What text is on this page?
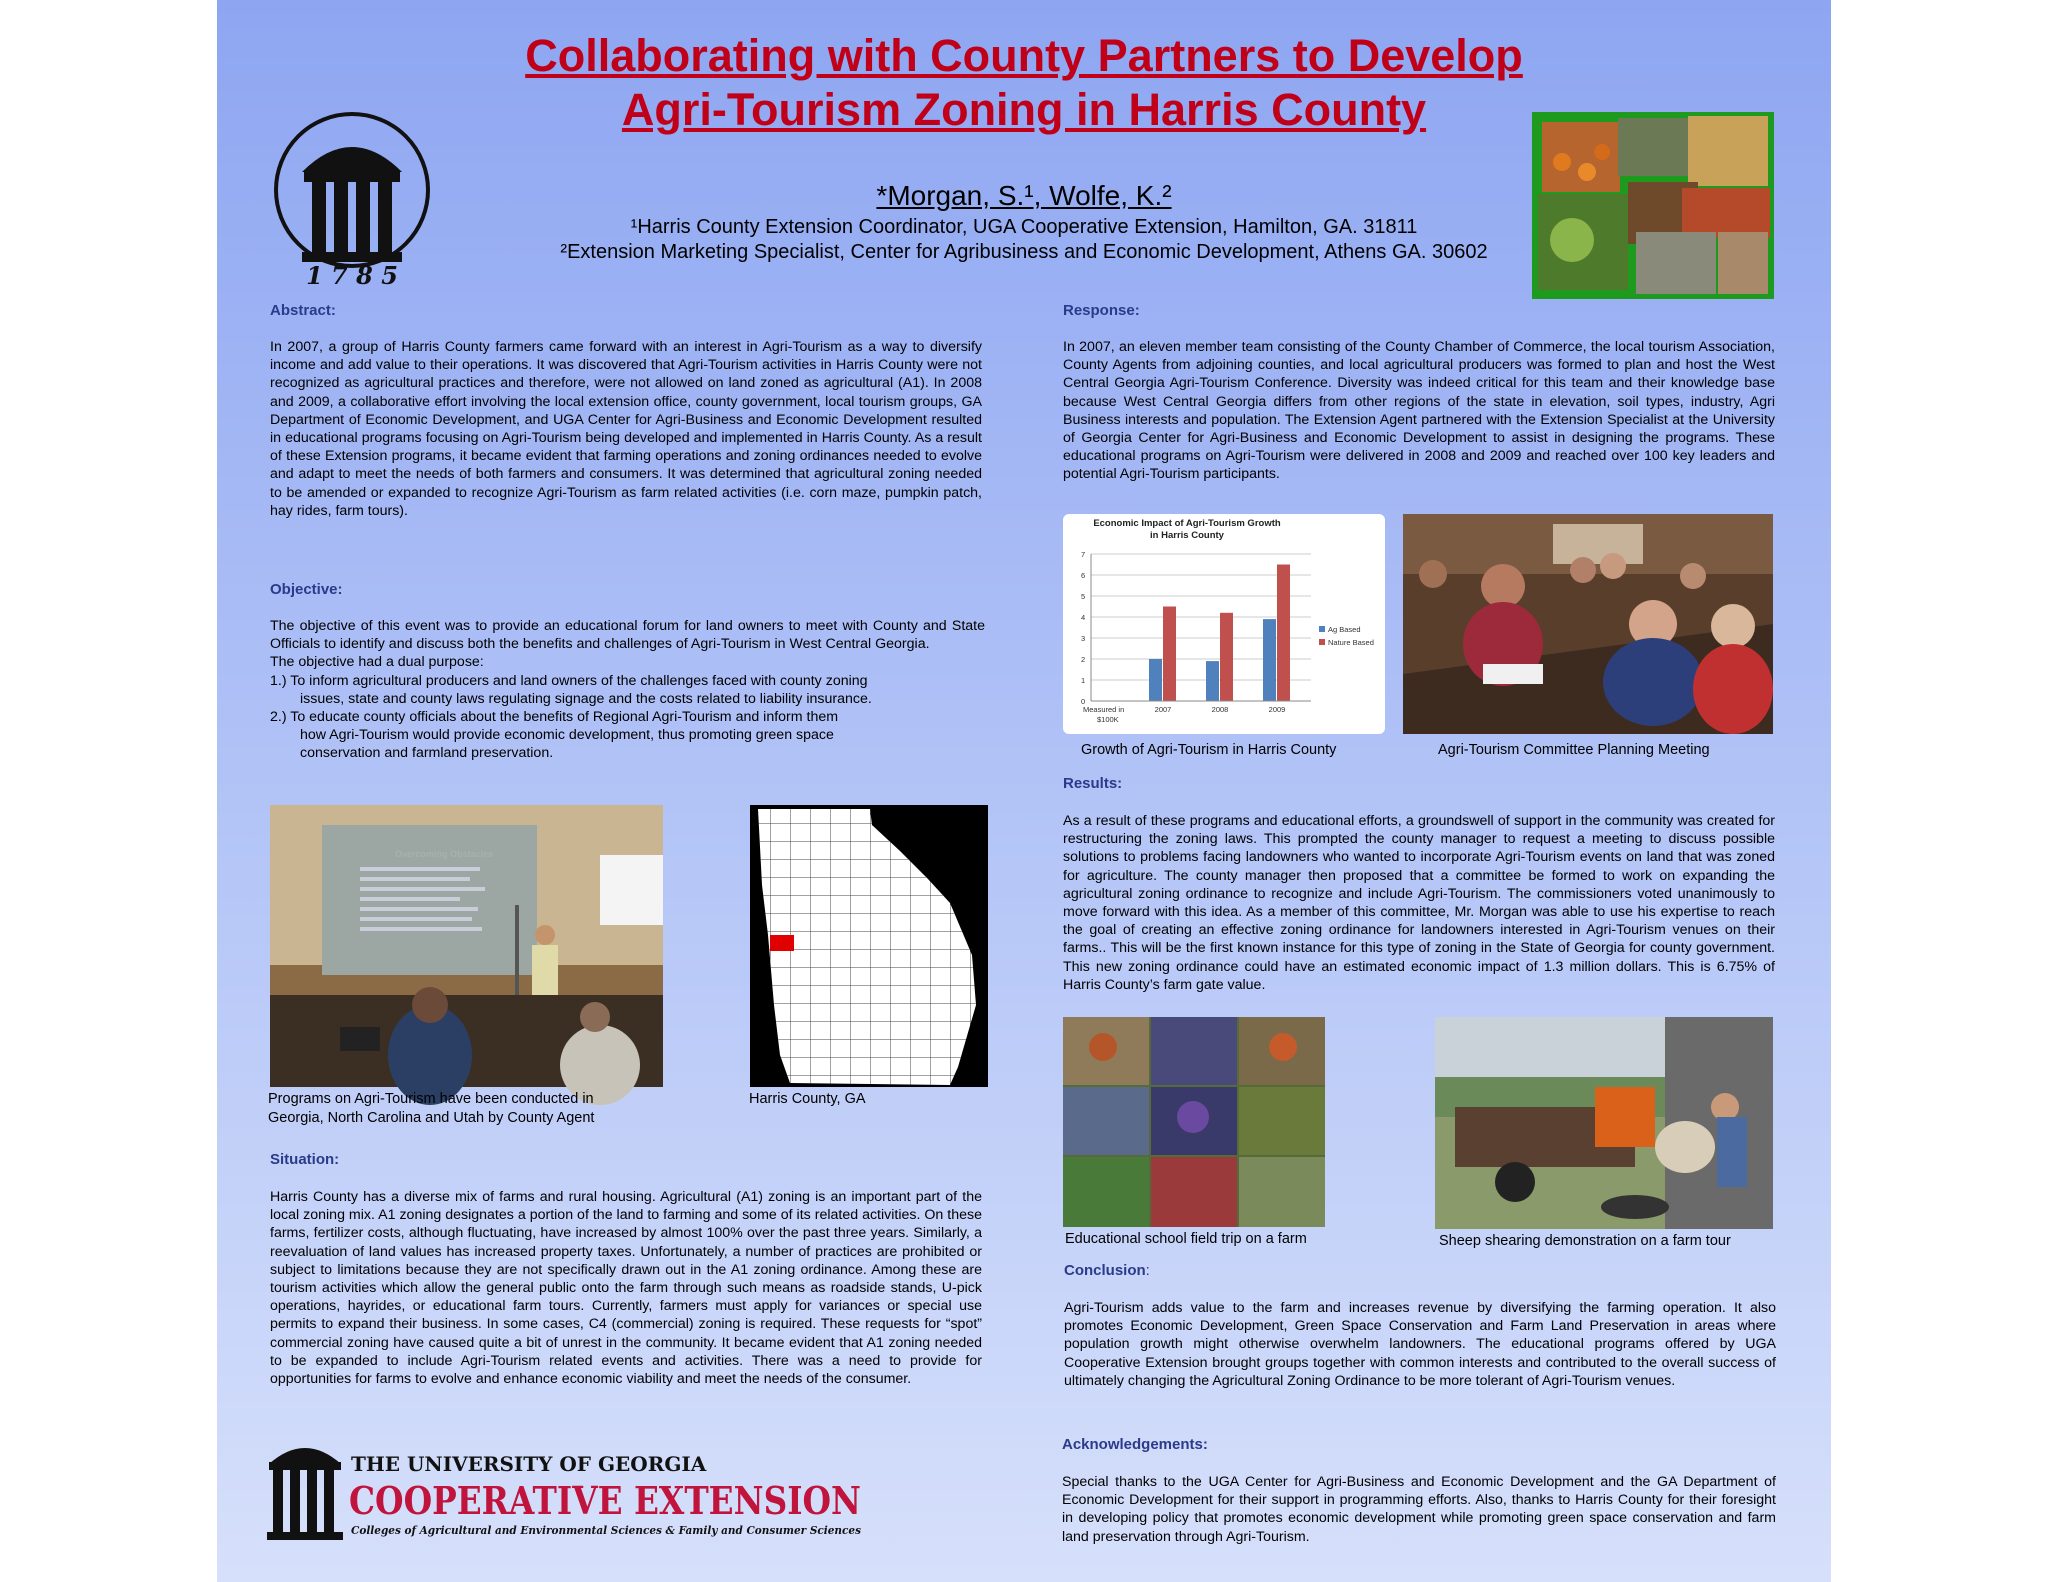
Collaborating with County Partners to Develop
Agri-Tourism Zoning in Harris County
1 7 8 5
*Morgan, S.¹, Wolfe, K.²
¹Harris County Extension Coordinator, UGA Cooperative Extension, Hamilton, GA. 31811
²Extension Marketing Specialist, Center for Agribusiness and Economic Development, Athens GA. 30602
Abstract:

In 2007, a group of Harris County farmers came forward with an interest in Agri-Tourism as a way to diversify income and add value to their operations. It was discovered that Agri-Tourism activities in Harris County were not recognized as agricultural practices and therefore, were not allowed on land zoned as agricultural (A1). In 2008 and 2009, a collaborative effort involving the local extension office, county government, local tourism groups, GA Department of Economic Development, and UGA Center for Agri-Business and Economic Development resulted in educational programs focusing on Agri-Tourism being developed and implemented in Harris County. As a result of these Extension programs, it became evident that farming operations and zoning ordinances needed to evolve and adapt to meet the needs of both farmers and consumers. It was determined that agricultural zoning needed to be amended or expanded to recognize Agri-Tourism as farm related activities (i.e. corn maze, pumpkin patch, hay rides, farm tours).

Objective:
The objective of this event was to provide an educational forum for land owners to meet with County and State Officials to identify and discuss both the benefits and challenges of Agri-Tourism in West Central Georgia.
The objective had a dual purpose:
1.) To inform agricultural producers and land owners of the challenges faced with county zoning
issues, state and county laws regulating signage and the costs related to liability insurance.
2.) To educate county officials about the benefits of Regional Agri-Tourism and inform them
how Agri-Tourism would provide economic development, thus promoting green space
conservation and farmland preservation.
Programs on Agri-Tourism have been conducted in
Georgia, North Carolina and Utah by County Agent
Harris County, GA
Situation:

Harris County has a diverse mix of farms and rural housing. Agricultural (A1) zoning is an important part of the local zoning mix. A1 zoning designates a portion of the land to farming and some of its related activities. On these farms, fertilizer costs, although fluctuating, have increased by almost 100% over the past three years. Similarly, a reevaluation of land values has increased property taxes. Unfortunately, a number of practices are prohibited or subject to limitations because they are not specifically drawn out in the A1 zoning ordinance. Among these are tourism activities which allow the general public onto the farm through such means as roadside stands, U-pick operations, hayrides, or educational farm tours. Currently, farmers must apply for variances or special use permits to expand their business. In some cases, C4 (commercial) zoning is required. These requests for “spot” commercial zoning have caused quite a bit of unrest in the community. It became evident that A1 zoning needed to be expanded to include Agri-Tourism related events and activities. There was a need to provide for opportunities for farms to evolve and enhance economic viability and meet the needs of the consumer.

THE UNIVERSITY OF GEORGIA
COOPERATIVE EXTENSION
Colleges of Agricultural and Environmental Sciences & Family and Consumer Sciences
Response:

In 2007, an eleven member team consisting of the County Chamber of Commerce, the local tourism Association, County Agents from adjoining counties, and local agricultural producers was formed to plan and host the West Central Georgia Agri-Tourism Conference. Diversity was indeed critical for this team and their knowledge base because West Central Georgia differs from other regions of the state in elevation, soil types, industry, Agri Business interests and population. The Extension Agent partnered with the Extension Specialist at the University of Georgia Center for Agri-Business and Economic Development to assist in designing the programs. These educational programs on Agri-Tourism were delivered in 2008 and 2009 and reached over 100 key leaders and potential Agri-Tourism participants.

Economic Impact of Agri-Tourism Growth
in Harris County
0
1
2
3
4
5
6
7
2007	2008	2009
Measured in
$100K
Ag Based
Nature Based
Growth of Agri-Tourism in Harris County	Agri-Tourism Committee Planning Meeting
Results:

As a result of these programs and educational efforts, a groundswell of support in the community was created for restructuring the zoning laws. This prompted the county manager to request a meeting to discuss possible solutions to problems facing landowners who wanted to incorporate Agri-Tourism events on land that was zoned for agriculture. The county manager then proposed that a committee be formed to work on expanding the agricultural zoning ordinance to recognize and include Agri-Tourism. The commissioners voted unanimously to move forward with this idea. As a member of this committee, Mr. Morgan was able to use his expertise to reach the goal of creating an effective zoning ordinance for landowners interested in Agri-Tourism venues on their farms.. This will be the first known instance for this type of zoning in the State of Georgia for county government. This new zoning ordinance could have an estimated economic impact of 1.3 million dollars. This is 6.75% of Harris County’s farm gate value.

Educational school field trip on a farm	Sheep shearing demonstration on a farm tour
Conclusion:

Agri-Tourism adds value to the farm and increases revenue by diversifying the farming operation. It also promotes Economic Development, Green Space Conservation and Farm Land Preservation in areas where population growth might otherwise overwhelm landowners. The educational programs offered by UGA Cooperative Extension brought groups together with common interests and contributed to the overall success of ultimately changing the Agricultural Zoning Ordinance to be more tolerant of Agri-Tourism venues.

Acknowledgements:

Special thanks to the UGA Center for Agri-Business and Economic Development and the GA Department of Economic Development for their support in programming efforts. Also, thanks to Harris County for their foresight in developing policy that promotes economic development while promoting green space conservation and farm land preservation through Agri-Tourism.
